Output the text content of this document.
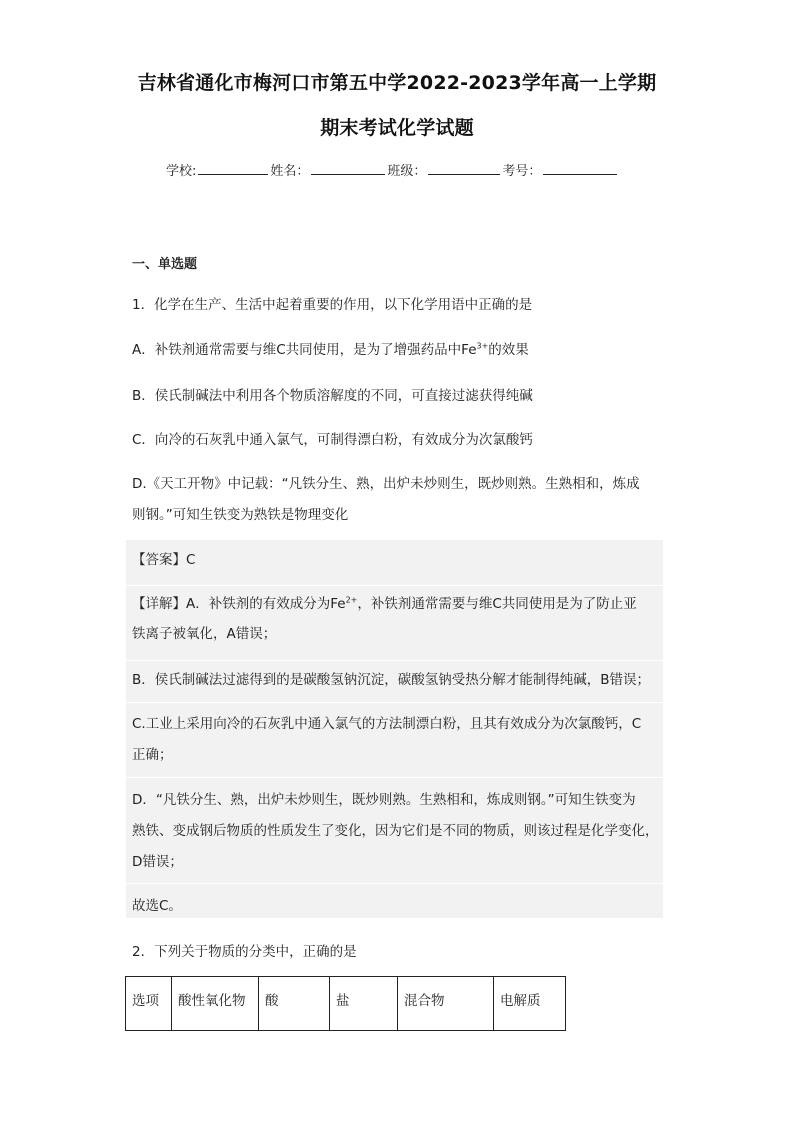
吉林省通化市梅河口市第五中学2022-2023学年高一上学期
期末考试化学试题
学校:	姓名：	班级：	考号：
一、单选题
1．化学在生产、生活中起着重要的作用，以下化学用语中正确的是
A．补铁剂通常需要与维C共同使用，是为了增强药品中$Fe^{3+}$的效果
B．侯氏制碱法中利用各个物质溶解度的不同，可直接过滤获得纯碱
C．向冷的石灰乳中通入氯气，可制得漂白粉，有效成分为次氯酸钙
D.《天工开物》中记载：“凡铁分生、熟，出炉未炒则生，既炒则熟。生熟相和，炼成
则钢。”可知生铁变为熟铁是物理变化
【答案】C
【详解】A．补铁剂的有效成分为$Fe^{2+}$，补铁剂通常需要与维C共同使用是为了防止亚
铁离子被氧化，A错误；
B．侯氏制碱法过滤得到的是碳酸氢钠沉淀，碳酸氢钠受热分解才能制得纯碱，B错误；
C.工业上采用向冷的石灰乳中通入氯气的方法制漂白粉，且其有效成分为次氯酸钙，C
正确；
D．“凡铁分生、熟，出炉未炒则生，既炒则熟。生熟相和，炼成则钢。”可知生铁变为
熟铁、变成钢后物质的性质发生了变化，因为它们是不同的物质，则该过程是化学变化，
D错误；
故选C。
2．下列关于物质的分类中，正确的是
选项	酸性氧化物	酸	盐	混合物	电解质
